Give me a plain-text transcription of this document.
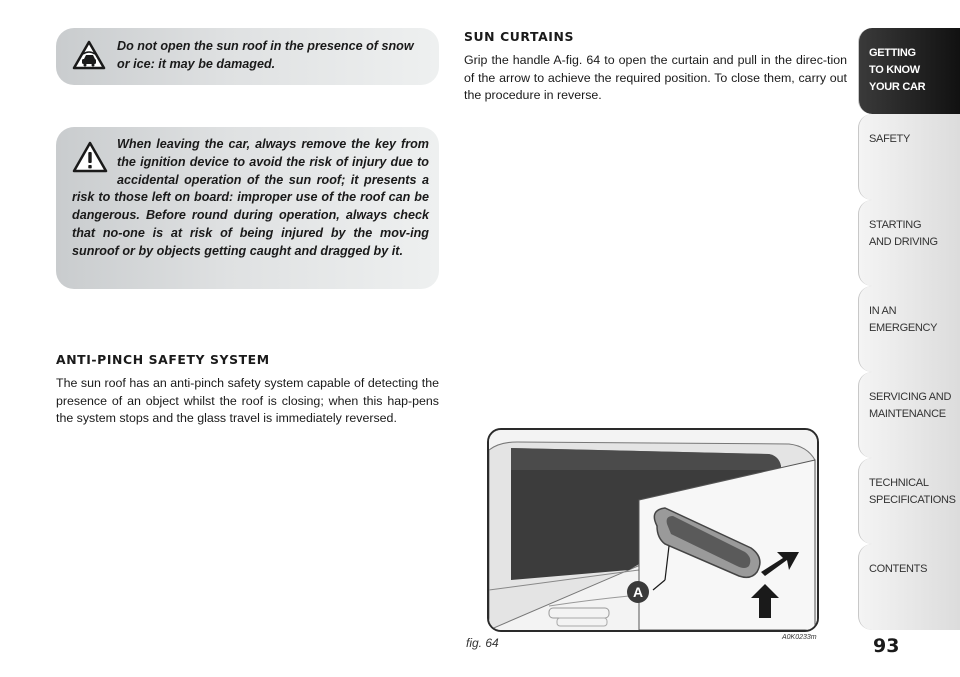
Do not open the sun roof in the presence of snow or ice: it may be damaged.

When leaving the car, always remove the key from the ignition device to avoid the risk of injury due to accidental operation of the sun roof; it presents a risk to those left on board: improper use of the roof can be dangerous. Before round during operation, always check that no-one is at risk of being injured by the mov-ing sunroof or by objects getting caught and dragged by it.

ANTI-PINCH SAFETY SYSTEM

The sun roof has an anti-pinch safety system capable of detecting the presence of an object whilst the roof is closing; when this hap-pens the system stops and the glass travel is immediately reversed.

SUN CURTAINS

Grip the handle A-fig. 64 to open the curtain and pull in the direc-tion of the arrow to achieve the required position. To close them, carry out the procedure in reverse.

A
fig. 64	A0K0233m
GETTING
TO KNOW
YOUR CAR
SAFETY
STARTING
AND DRIVING
IN AN
EMERGENCY
SERVICING AND
MAINTENANCE
TECHNICAL
SPECIFICATIONS
CONTENTS
93
